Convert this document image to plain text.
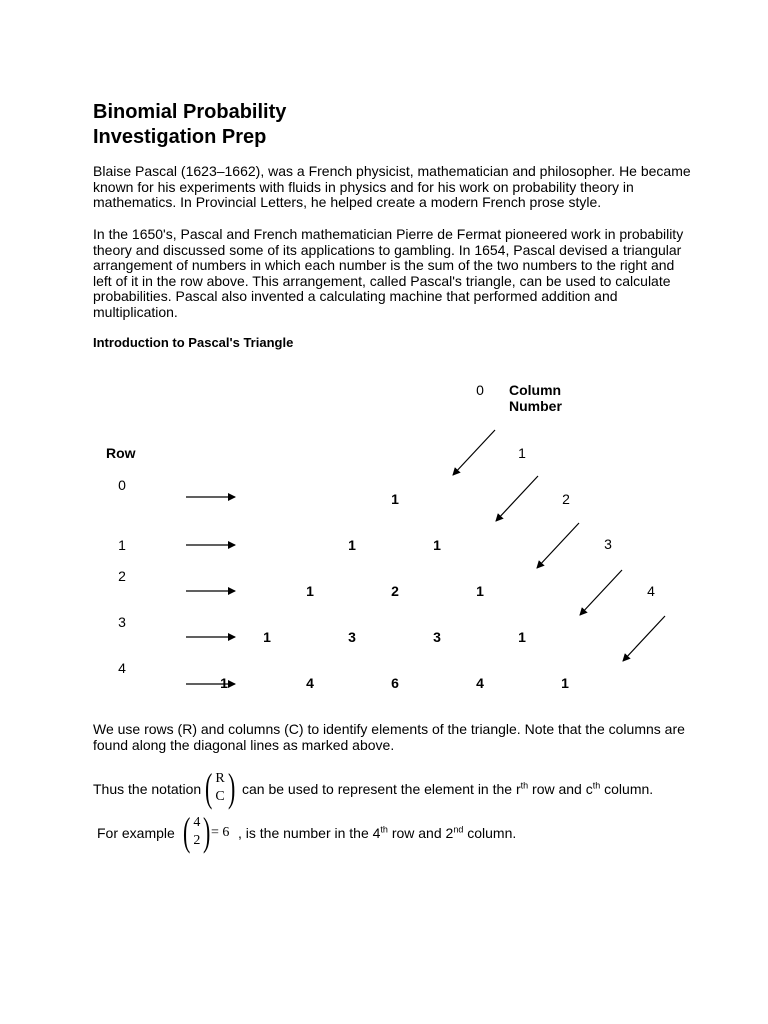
Binomial Probability
Investigation Prep

Blaise Pascal (1623–1662), was a French physicist, mathematician and philosopher. He became known for his experiments with fluids in physics and for his work on probability theory in mathematics. In Provincial Letters, he helped create a modern French prose style.

In the 1650's, Pascal and French mathematician Pierre de Fermat pioneered work in probability theory and discussed some of its applications to gambling. In 1654, Pascal devised a triangular arrangement of numbers in which each number is the sum of the two numbers to the right and left of it in the row above. This arrangement, called Pascal's triangle, can be used to calculate probabilities. Pascal also invented a calculating machine that performed addition and multiplication.

Introduction to Pascal's Triangle
0 Column
Number
1
2
3
4
Row
0
1
2
3
4
1
1	1
1	2	1
1	3	3	1
1	4	6	4	1

We use rows (R) and columns (C) to identify elements of the triangle. Note that the columns are found along the diagonal lines as marked above.

Thus the notation ( R
C ) can be used to represent the element in the $r^{th}$ row and $c^{th}$ column.
For example ( 4
2 ) = 6 , is the number in the 4th row and 2nd column.
